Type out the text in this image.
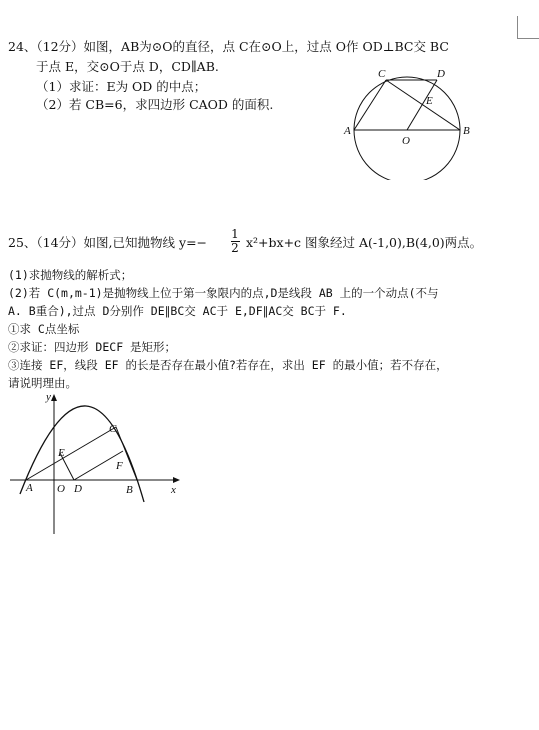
24、（12分）如图，AB为⊙O的直径，点 C在⊙O上，过点 O作 OD⊥BC交 BC
于点 E，交⊙O于点 D，CD∥AB.
（1）求证：E为 OD 的中点；
（2）若 CB=6，求四边形 CAOD 的面积.
C	D
E
A
O
B
25、（14分）如图,已知抛物线 y=−
1
2 x²+bx+c 图象经过 A(-1,0),B(4,0)两点。
(1)求抛物线的解析式；
(2)若 C(m,m-1)是抛物线上位于第一象限内的点,D是线段 AB 上的一个动点(不与
A. B重合),过点 D分别作 DE∥BC交 AC于 E,DF∥AC交 BC于 F.
①求 C点坐标
②求证：四边形 DECF 是矩形；
③连接 EF，线段 EF 的长是否存在最小值?若存在，求出 EF 的最小值；若不存在，
请说明理由。
y
x
A O D	B
C
E
F
